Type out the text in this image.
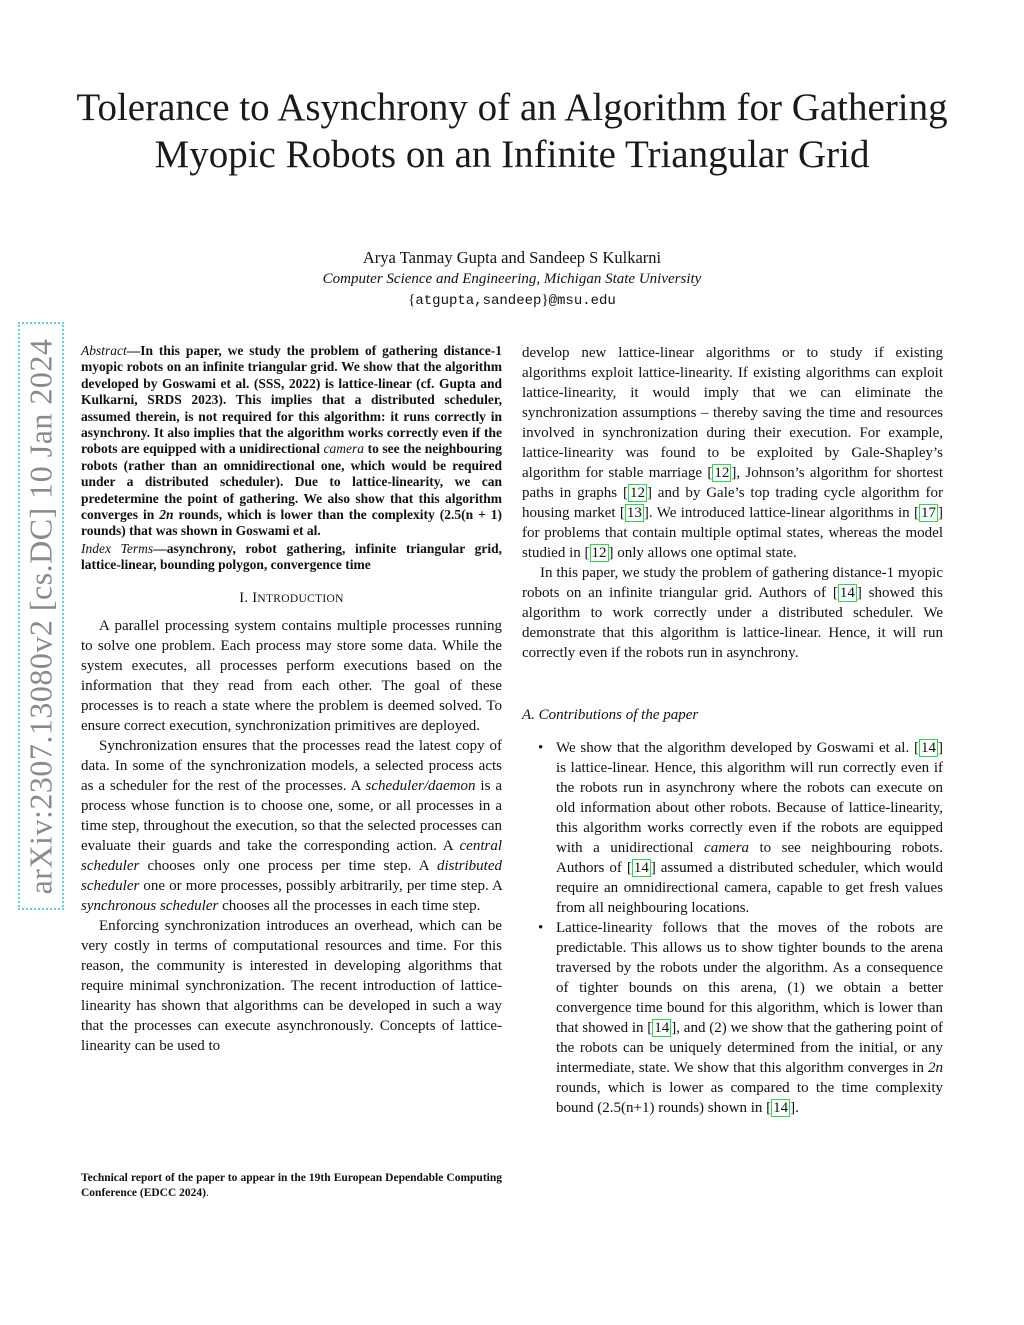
arXiv:2307.13080v2 [cs.DC] 10 Jan 2024
Tolerance to Asynchrony of an Algorithm for Gathering Myopic Robots on an Infinite Triangular Grid
Arya Tanmay Gupta and Sandeep S Kulkarni
Computer Science and Engineering, Michigan State University
{atgupta,sandeep}@msu.edu

Abstract—In this paper, we study the problem of gathering distance-1 myopic robots on an infinite triangular grid. We show that the algorithm developed by Goswami et al. (SSS, 2022) is lattice-linear (cf. Gupta and Kulkarni, SRDS 2023). This implies that a distributed scheduler, assumed therein, is not required for this algorithm: it runs correctly in asynchrony. It also implies that the algorithm works correctly even if the robots are equipped with a unidirectional camera to see the neighbouring robots (rather than an omnidirectional one, which would be required under a distributed scheduler). Due to lattice-linearity, we can predetermine the point of gathering. We also show that this algorithm converges in 2n rounds, which is lower than the complexity (2.5(n + 1) rounds) that was shown in Goswami et al.

Index Terms—asynchrony, robot gathering, infinite triangular grid, lattice-linear, bounding polygon, convergence time

I. INTRODUCTION

A parallel processing system contains multiple processes running to solve one problem. Each process may store some data. While the system executes, all processes perform executions based on the information that they read from each other. The goal of these processes is to reach a state where the problem is deemed solved. To ensure correct execution, synchronization primitives are deployed.

Synchronization ensures that the processes read the latest copy of data. In some of the synchronization models, a selected process acts as a scheduler for the rest of the processes. A scheduler/daemon is a process whose function is to choose one, some, or all processes in a time step, throughout the execution, so that the selected processes can evaluate their guards and take the corresponding action. A central scheduler chooses only one process per time step. A distributed scheduler one or more processes, possibly arbitrarily, per time step. A synchronous scheduler chooses all the processes in each time step.

Enforcing synchronization introduces an overhead, which can be very costly in terms of computational resources and time. For this reason, the community is interested in developing algorithms that require minimal synchronization. The recent introduction of lattice-linearity has shown that algorithms can be developed in such a way that the processes can execute asynchronously. Concepts of lattice-linearity can be used to

Technical report of the paper to appear in the 19th European Dependable Computing Conference (EDCC 2024).

develop new lattice-linear algorithms or to study if existing algorithms exploit lattice-linearity. If existing algorithms can exploit lattice-linearity, it would imply that we can eliminate the synchronization assumptions – thereby saving the time and resources involved in synchronization during their execution. For example, lattice-linearity was found to be exploited by Gale-Shapley’s algorithm for stable marriage [ 12 ], Johnson’s algorithm for shortest paths in graphs [ 12 ] and by Gale’s top trading cycle algorithm for housing market [ 13 ]. We introduced lattice-linear algorithms in [ 17 ] for problems that contain multiple optimal states, whereas the model studied in [ 12 ] only allows one optimal state.

In this paper, we study the problem of gathering distance-1 myopic robots on an infinite triangular grid. Authors of [ 14 ] showed this algorithm to work correctly under a distributed scheduler. We demonstrate that this algorithm is lattice-linear. Hence, it will run correctly even if the robots run in asynchrony.

A. Contributions of the paper
• We show that the algorithm developed by Goswami et al. [ 14 ] is lattice-linear. Hence, this algorithm will run correctly even if the robots run in asynchrony where the robots can execute on old information about other robots. Because of lattice-linearity, this algorithm works correctly even if the robots are equipped with a unidirectional camera to see neighbouring robots. Authors of [ 14 ] assumed a distributed scheduler, which would require an omnidirectional camera, capable to get fresh values from all neighbouring locations.
• Lattice-linearity follows that the moves of the robots are predictable. This allows us to show tighter bounds to the arena traversed by the robots under the algorithm. As a consequence of tighter bounds on this arena, (1) we obtain a better convergence time bound for this algorithm, which is lower than that showed in [ 14 ], and (2) we show that the gathering point of the robots can be uniquely determined from the initial, or any intermediate, state. We show that this algorithm converges in 2n rounds, which is lower as compared to the time complexity bound (2.5(n+1) rounds) shown in [ 14 ].
